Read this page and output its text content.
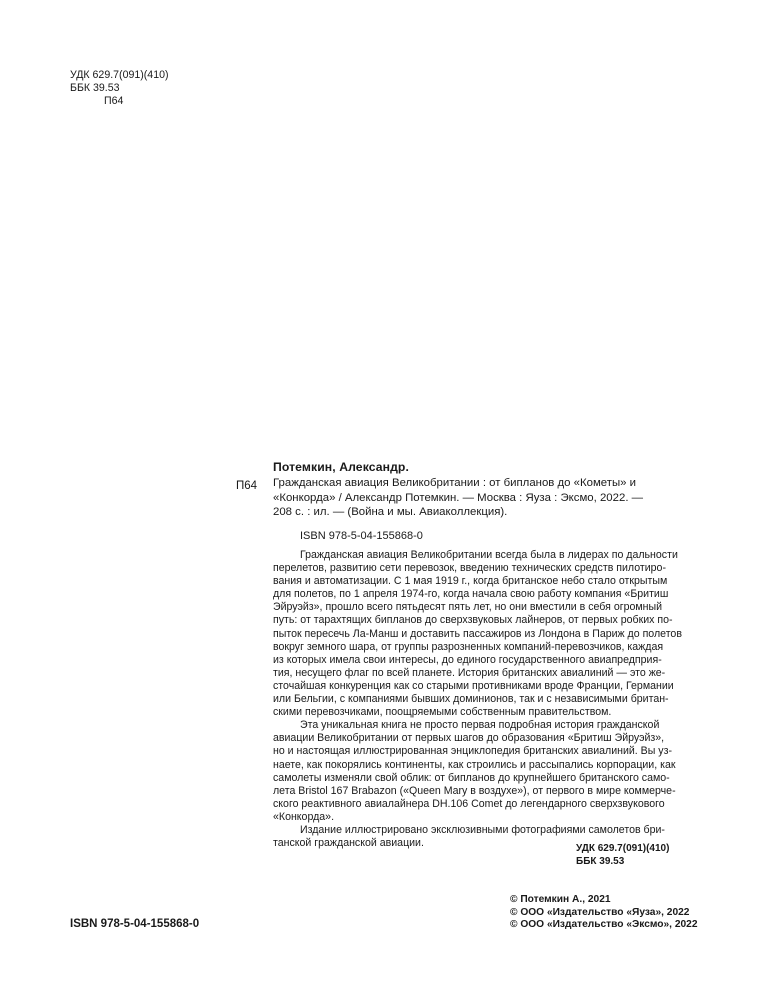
УДК 629.7(091)(410)
ББК 39.53
П64
П64
Потемкин, Александр.
Гражданская авиация Великобритании : от бипланов до «Кометы» и
«Конкорда» / Александр Потемкин. — Москва : Яуза : Эксмо, 2022. —
208 с. : ил. — (Война и мы. Авиаколлекция).
ISBN 978-5-04-155868-0

Гражданская авиация Великобритании всегда была в лидерах по дальности
перелетов, развитию сети перевозок, введению технических средств пилотиро-
вания и автоматизации. С 1 мая 1919 г., когда британское небо стало открытым
для полетов, по 1 апреля 1974-го, когда начала свою работу компания «Бритиш
Эйруэйз», прошло всего пятьдесят пять лет, но они вместили в себя огромный
путь: от тарахтящих бипланов до сверхзвуковых лайнеров, от первых робких по-
пыток пересечь Ла-Манш и доставить пассажиров из Лондона в Париж до полетов
вокруг земного шара, от группы разрозненных компаний-перевозчиков, каждая
из которых имела свои интересы, до единого государственного авиапредприя-
тия, несущего флаг по всей планете. История британских авиалиний — это же-
сточайшая конкуренция как со старыми противниками вроде Франции, Германии
или Бельгии, с компаниями бывших доминионов, так и с независимыми британ-
скими перевозчиками, поощряемыми собственным правительством.

Эта уникальная книга не просто первая подробная история гражданской
авиации Великобритании от первых шагов до образования «Бритиш Эйруэйз»,
но и настоящая иллюстрированная энциклопедия британских авиалиний. Вы уз-
наете, как покорялись континенты, как строились и рассыпались корпорации, как
самолеты изменяли свой облик: от бипланов до крупнейшего британского само-
лета Bristol 167 Brabazon («Queen Mary в воздухе»), от первого в мире коммерче-
ского реактивного авиалайнера DH.106 Comet до легендарного сверхзвукового
«Конкорда».

Издание иллюстрировано эксклюзивными фотографиями самолетов бри-
танской гражданской авиации.	УДК 629.7(091)(410)
ББК 39.53
ISBN 978-5-04-155868-0
© Потемкин А., 2021
© ООО «Издательство «Яуза», 2022
© ООО «Издательство «Эксмо», 2022
